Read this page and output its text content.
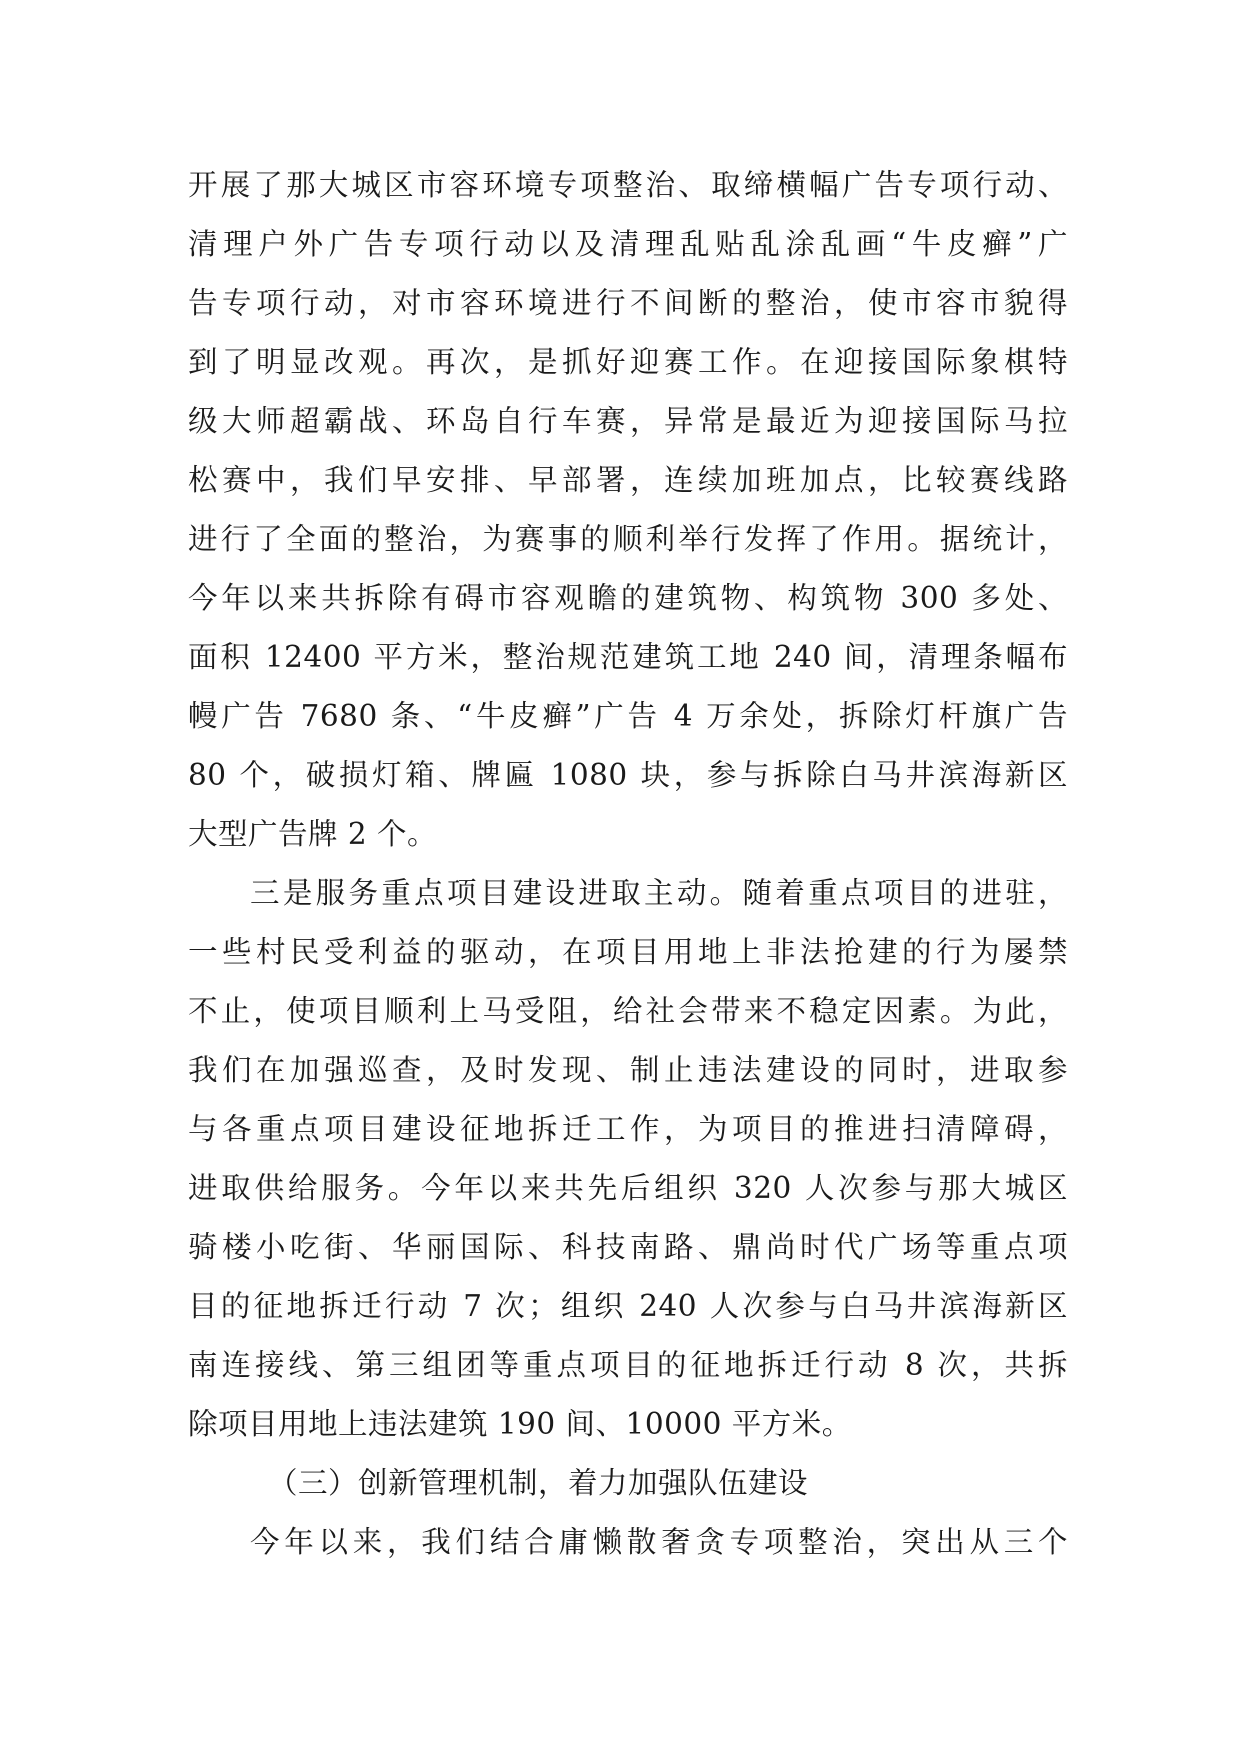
开展了那大城区市容环境专项整治、取缔横幅广告专项行动、
清理户外广告专项行动以及清理乱贴乱涂乱画“牛皮癣”广
告专项行动，对市容环境进行不间断的整治，使市容市貌得
到了明显改观。再次，是抓好迎赛工作。在迎接国际象棋特
级大师超霸战、环岛自行车赛，异常是最近为迎接国际马拉
松赛中，我们早安排、早部署，连续加班加点，比较赛线路
进行了全面的整治，为赛事的顺利举行发挥了作用。据统计，
今年以来共拆除有碍市容观瞻的建筑物、构筑物 300 多处、
面积 12400 平方米，整治规范建筑工地 240 间，清理条幅布
幔广告 7680 条、“牛皮癣”广告 4 万余处，拆除灯杆旗广告
80 个，破损灯箱、牌匾 1080 块，参与拆除白马井滨海新区
大型广告牌 2 个。
三是服务重点项目建设进取主动。随着重点项目的进驻，
一些村民受利益的驱动，在项目用地上非法抢建的行为屡禁
不止，使项目顺利上马受阻，给社会带来不稳定因素。为此，
我们在加强巡查，及时发现、制止违法建设的同时，进取参
与各重点项目建设征地拆迁工作，为项目的推进扫清障碍，
进取供给服务。今年以来共先后组织 320 人次参与那大城区
骑楼小吃街、华丽国际、科技南路、鼎尚时代广场等重点项
目的征地拆迁行动 7 次；组织 240 人次参与白马井滨海新区
南连接线、第三组团等重点项目的征地拆迁行动 8 次，共拆
除项目用地上违法建筑 190 间、10000 平方米。
（三）创新管理机制，着力加强队伍建设
今年以来，我们结合庸懒散奢贪专项整治，突出从三个
